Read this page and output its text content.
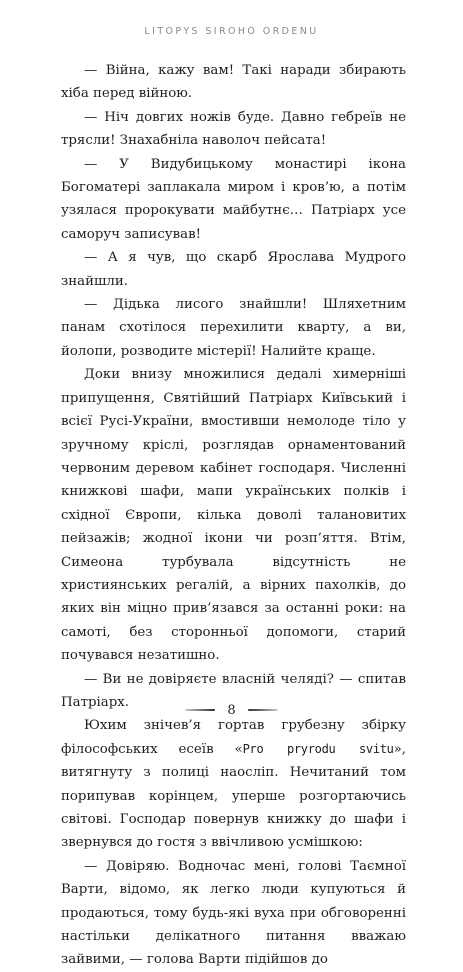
LITOPYS SIROHO ORDENU

— Війна, кажу вам! Такі наради збирають хіба перед війною.

— Ніч довгих ножів буде. Давно гебреїв не трясли! Знахабніла наволоч пейсата!

— У Видубицькому монастирі ікона Богоматері заплакала миром і кров’ю, а потім узялася пророкувати майбутнє… Патріарх усе саморуч записував!

— А я чув, що скарб Ярослава Мудрого знайшли.

— Дідька лисого знайшли! Шляхетним панам схотілося перехилити кварту, а ви, йолопи, розводите містерії! Налийте краще.

Доки внизу множилися дедалі химерніші припущення, Святійший Патріарх Київський і всієї Русі-України, вмостивши немолоде тіло у зручному кріслі, розглядав орнаментований червоним деревом кабінет господаря. Численні книжкові шафи, мапи українських полків і східної Європи, кілька доволі талановитих пейзажів; жодної ікони чи розп’яття. Втім, Симеона турбувала відсутність не християнських регалій, а вірних пахолків, до яких він міцно прив’язався за останні роки: на самоті, без сторонньої допомоги, старий почувався незатишно.

— Ви не довіряєте власній челяді? — спитав Патріарх.

Юхим знічев’я гортав грубезну збірку філософських есеїв «Pro pryrodu svitu», витягнуту з полиці наосліп. Нечитаний том порипував корінцем, уперше розгортаючись світові. Господар повернув книжку до шафи і звернувся до гостя з ввічливою усмішкою:

— Довіряю. Водночас мені, голові Таємної Варти, відомо, як легко люди купуються й продаються, тому будь-які вуха при обговоренні настільки делікатного питання вважаю зайвими, — голова Варти підійшов до

8
